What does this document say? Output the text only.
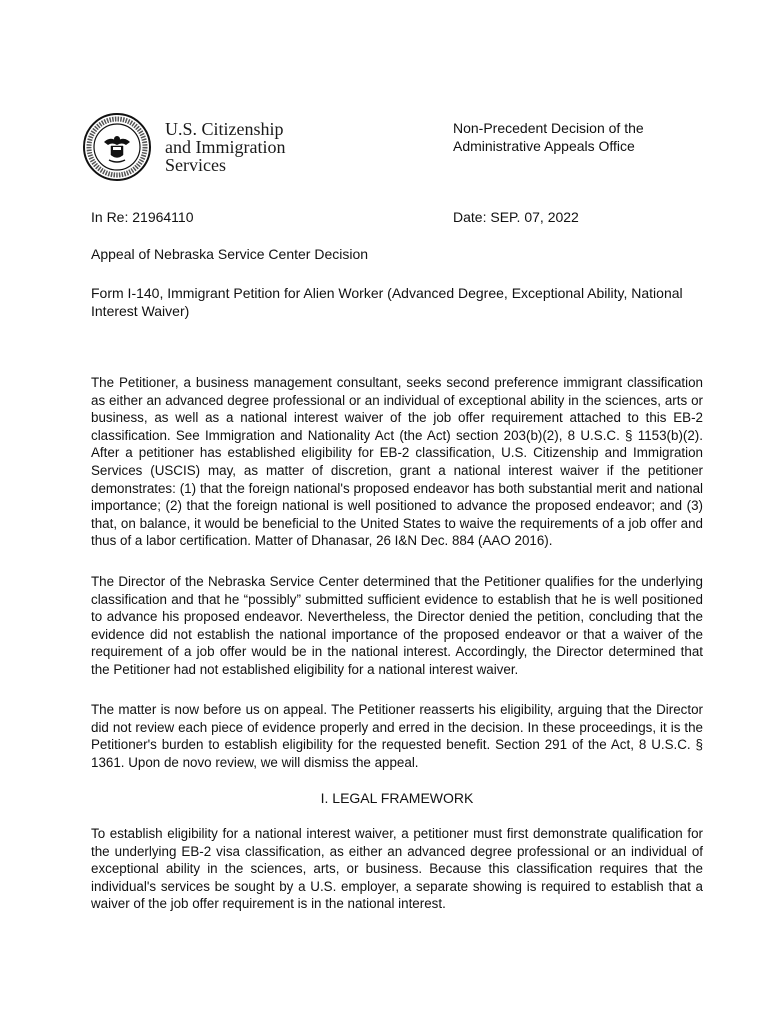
U.S. Citizenship
and Immigration
Services
Non-Precedent Decision of the
Administrative Appeals Office
In Re: 21964110	Date: SEP. 07, 2022
Appeal of Nebraska Service Center Decision
Form I-140, Immigrant Petition for Alien Worker (Advanced Degree, Exceptional Ability, National Interest Waiver)
The Petitioner, a business management consultant, seeks second preference immigrant classification as either an advanced degree professional or an individual of exceptional ability in the sciences, arts or business, as well as a national interest waiver of the job offer requirement attached to this EB-2 classification. See Immigration and Nationality Act (the Act) section 203(b)(2), 8 U.S.C. § 1153(b)(2). After a petitioner has established eligibility for EB-2 classification, U.S. Citizenship and Immigration Services (USCIS) may, as matter of discretion, grant a national interest waiver if the petitioner demonstrates: (1) that the foreign national's proposed endeavor has both substantial merit and national importance; (2) that the foreign national is well positioned to advance the proposed endeavor; and (3) that, on balance, it would be beneficial to the United States to waive the requirements of a job offer and thus of a labor certification. Matter of Dhanasar, 26 I&N Dec. 884 (AAO 2016).
The Director of the Nebraska Service Center determined that the Petitioner qualifies for the underlying classification and that he “possibly” submitted sufficient evidence to establish that he is well positioned to advance his proposed endeavor. Nevertheless, the Director denied the petition, concluding that the evidence did not establish the national importance of the proposed endeavor or that a waiver of the requirement of a job offer would be in the national interest. Accordingly, the Director determined that the Petitioner had not established eligibility for a national interest waiver.
The matter is now before us on appeal. The Petitioner reasserts his eligibility, arguing that the Director did not review each piece of evidence properly and erred in the decision. In these proceedings, it is the Petitioner's burden to establish eligibility for the requested benefit. Section 291 of the Act, 8 U.S.C. § 1361. Upon de novo review, we will dismiss the appeal.
I. LEGAL FRAMEWORK
To establish eligibility for a national interest waiver, a petitioner must first demonstrate qualification for the underlying EB-2 visa classification, as either an advanced degree professional or an individual of exceptional ability in the sciences, arts, or business. Because this classification requires that the individual's services be sought by a U.S. employer, a separate showing is required to establish that a waiver of the job offer requirement is in the national interest.
